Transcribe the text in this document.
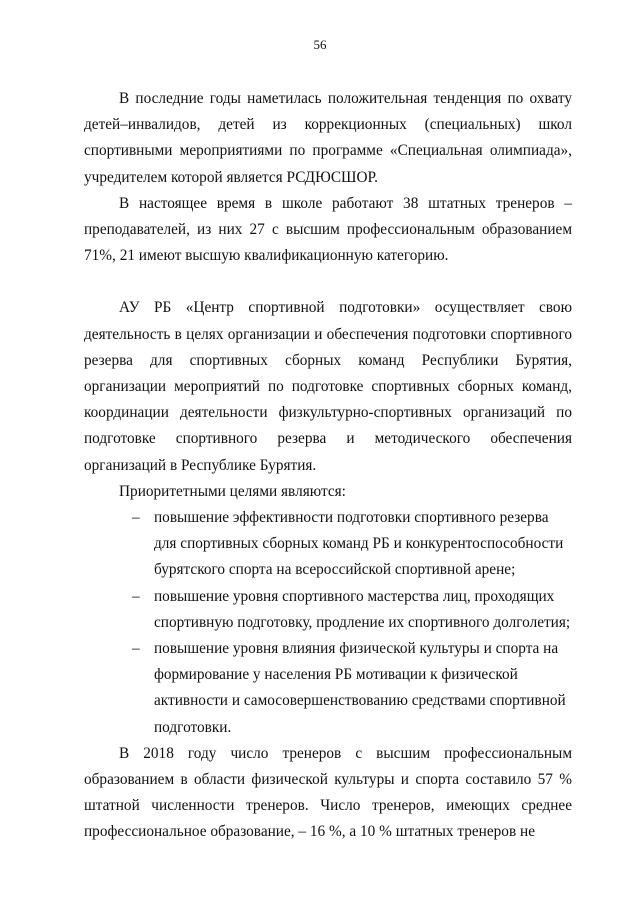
56

В последние годы наметилась положительная тенденция по охвату детей–инвалидов, детей из коррекционных (специальных) школ спортивными мероприятиями по программе «Специальная олимпиада», учредителем которой является РСДЮСШОР.

В настоящее время в школе работают 38 штатных тренеров – преподавателей, из них 27 с высшим профессиональным образованием 71%, 21 имеют высшую квалификационную категорию.

АУ РБ «Центр спортивной подготовки» осуществляет свою деятельность в целях организации и обеспечения подготовки спортивного резерва для спортивных сборных команд Республики Бурятия, организации мероприятий по подготовке спортивных сборных команд, координации деятельности физкультурно-спортивных организаций по подготовке спортивного резерва и методического обеспечения организаций в Республике Бурятия.

Приоритетными целями являются:

– повышение эффективности подготовки спортивного резерва для спортивных сборных команд РБ и конкурентоспособности бурятского спорта на всероссийской спортивной арене;
– повышение уровня спортивного мастерства лиц, проходящих спортивную подготовку, продление их спортивного долголетия;
– повышение уровня влияния физической культуры и спорта на формирование у населения РБ мотивации к физической активности и самосовершенствованию средствами спортивной подготовки.

В 2018 году число тренеров с высшим профессиональным образованием в области физической культуры и спорта составило 57 % штатной численности тренеров. Число тренеров, имеющих среднее профессиональное образование, – 16 %, а 10 % штатных тренеров не
